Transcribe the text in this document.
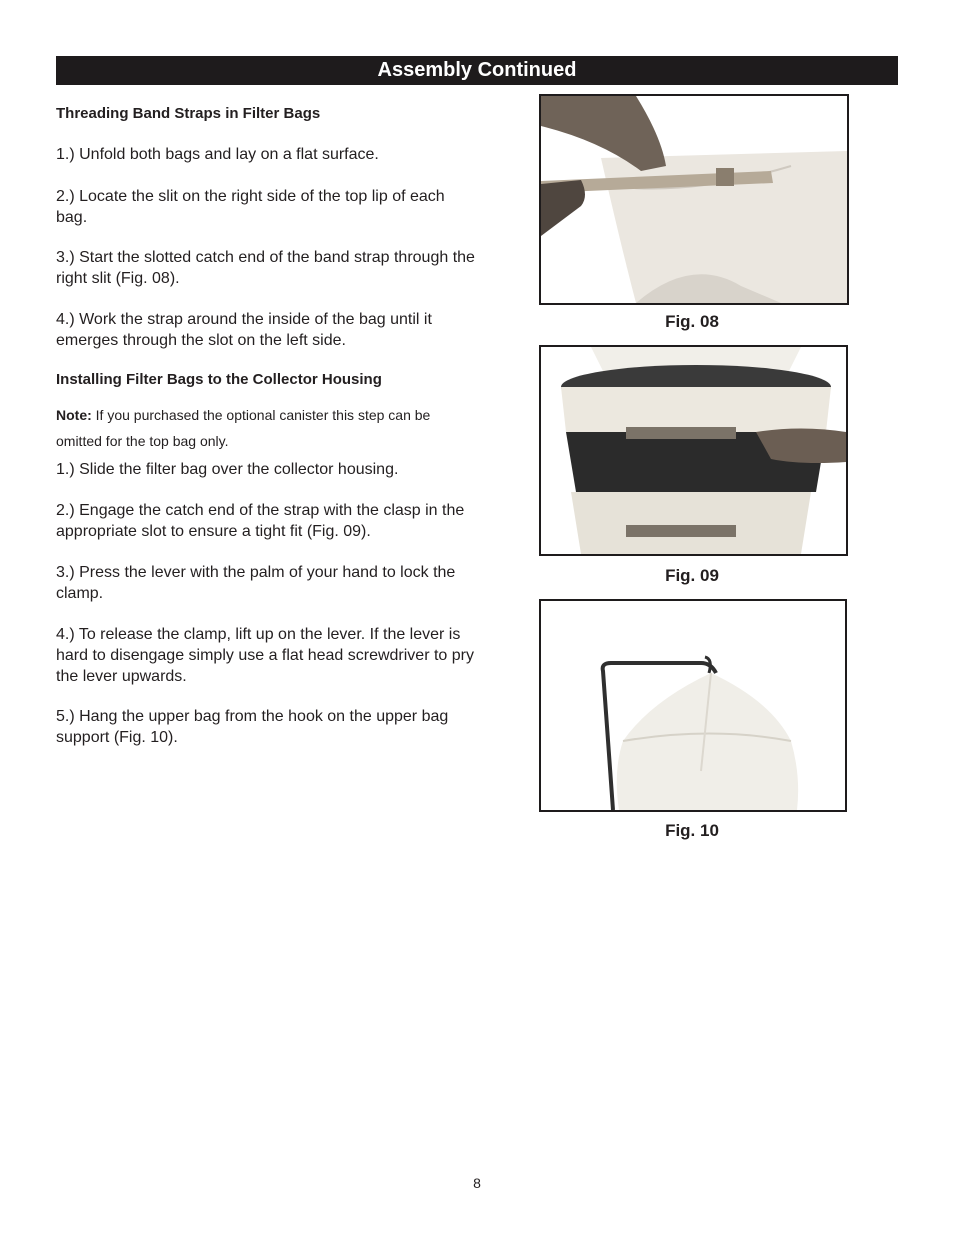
Assembly Continued
Threading Band Straps in Filter Bags
1.) Unfold both bags and lay on a flat surface.
2.) Locate the slit on the right side of the top lip of each bag.
3.) Start the slotted catch end of the band strap through the right slit (Fig. 08).
4.) Work the strap around the inside of the bag until it emerges through the slot on the left side.
Installing Filter Bags to the Collector Housing
Note: If you purchased the optional canister this step can be omitted for the top bag only.
1.) Slide the filter bag over the collector housing.
2.) Engage the catch end of the strap with the clasp in the appropriate slot to ensure a tight fit (Fig. 09).
3.) Press the lever with the palm of your hand to lock the clamp.
4.) To release the clamp, lift up on the lever. If the lever is hard to disengage simply use a flat head screwdriver to pry the lever upwards.
5.) Hang the upper bag from the hook on the upper bag support (Fig. 10).
Fig. 08
Fig. 09
Fig. 10
8
